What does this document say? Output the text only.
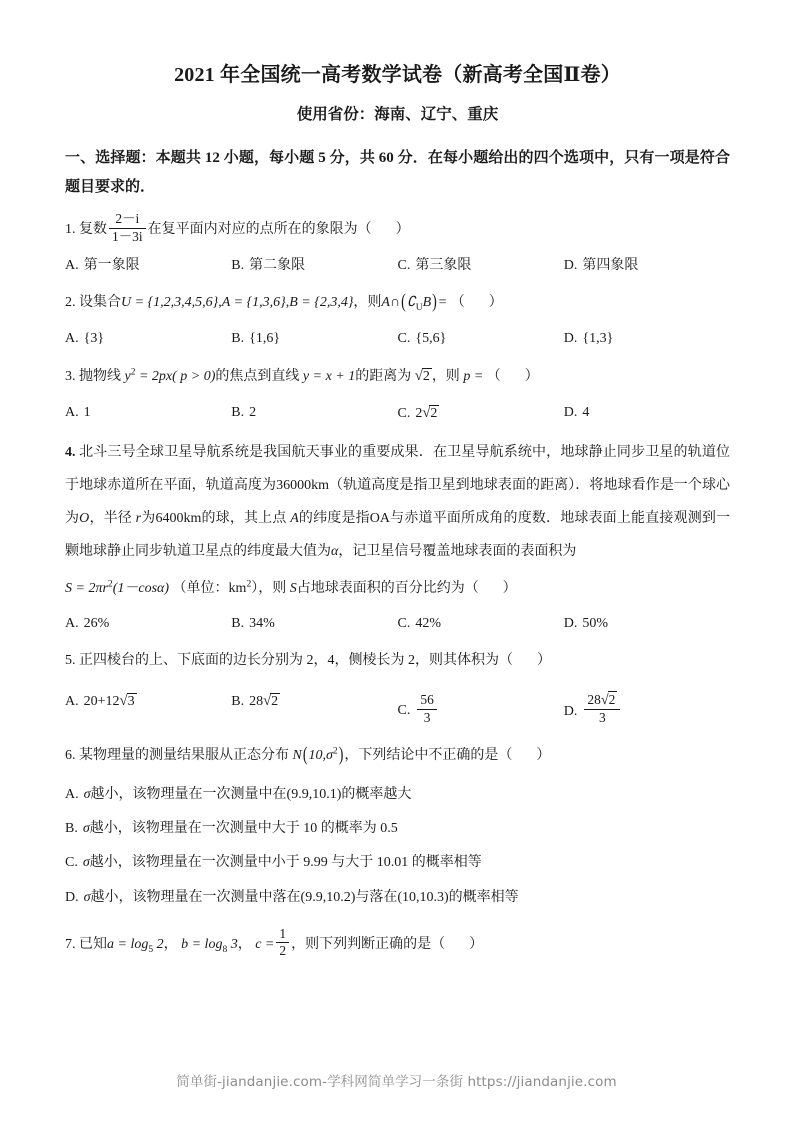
2021 年全国统一高考数学试卷（新高考全国Ⅱ卷）
使用省份：海南、辽宁、重庆
一、选择题：本题共 12 小题，每小题 5 分，共 60 分．在每小题给出的四个选项中，只有一项是符合题目要求的．
1. 复数 $\frac{2-i}{1-3i}$ 在复平面内对应的点所在的象限为（ ）
A. 第一象限	B. 第二象限	C. 第三象限	D. 第四象限
2. 设集合U = {1,2,3,4,5,6},A = {1,3,6},B = {2,3,4}，则$A\cap(∁_UB)=$ （ ）
A. {3}	B. {1,6}	C. {5,6}	D. {1,3}
3. 抛物线 $y^2 = 2px$( p > 0)的焦点到直线 y = x + 1的距离为 √2 ，则 p = （ ）
A. 1	B. 2	C. 2√2	D. 4
4. 北斗三号全球卫星导航系统是我国航天事业的重要成果．在卫星导航系统中，地球静止同步卫星的轨道位于地球赤道所在平面，轨道高度为36000km（轨道高度是指卫星到地球表面的距离）．将地球看作是一个球心为O，半径 r为6400km的球，其上点 A的纬度是指OA与赤道平面所成角的度数．地球表面上能直接观测到一颗地球静止同步轨道卫星点的纬度最大值为α，记卫星信号覆盖地球表面的表面积为
$S = 2\pi r^2(1-\cos\alpha)$ （单位：$km^2$），则 S占地球表面积的百分比约为（ ）
A. 26%	B. 34%	C. 42%	D. 50%
5. 正四棱台的上、下底面的边长分别为 2，4，侧棱长为 2，则其体积为（ ）
A. 20+12√3	B. 28√2
C. $\frac{56}{3}$	D. $\frac{28√2}{3}$
6. 某物理量的测量结果服从正态分布 $N(10,\sigma^2)$，下列结论中不正确的是（ ）
A. σ越小，该物理量在一次测量中在(9.9,10.1)的概率越大
B. σ越小，该物理量在一次测量中大于 10 的概率为 0.5
C. σ越小，该物理量在一次测量中小于 9.99 与大于 10.01 的概率相等
D. σ越小，该物理量在一次测量中落在(9.9,10.2)与落在(10,10.3)的概率相等
7. 已知$a = \log_5 2$， $b = \log_8 3$， $c = \frac{1}{2}$ ，则下列判断正确的是（ ）
简单街-jiandanjie.com-学科网简单学习一条街 https://jiandanjie.com
